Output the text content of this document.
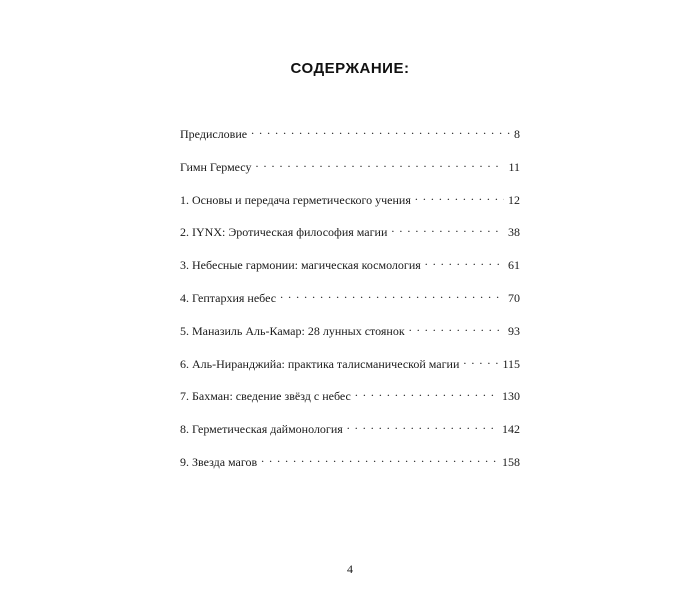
СОДЕРЖАНИЕ:
Предисловие . . .	8
Гимн Гермесу . . .	11
1. Основы и передача герметического учения . . .	12
2. IYNX: Эротическая философия магии . . .	38
3. Небесные гармонии: магическая космология . . .	61
4. Гептархия небес . . .	70
5. Маназиль Аль-Камар: 28 лунных стоянок . . .	93
6. Аль-Ниранджийа: практика талисманической магии . . .	115
7. Бахман: сведение звёзд с небес . . .	130
8. Герметическая даймонология . . .	142
9. Звезда магов . . .	158
4
